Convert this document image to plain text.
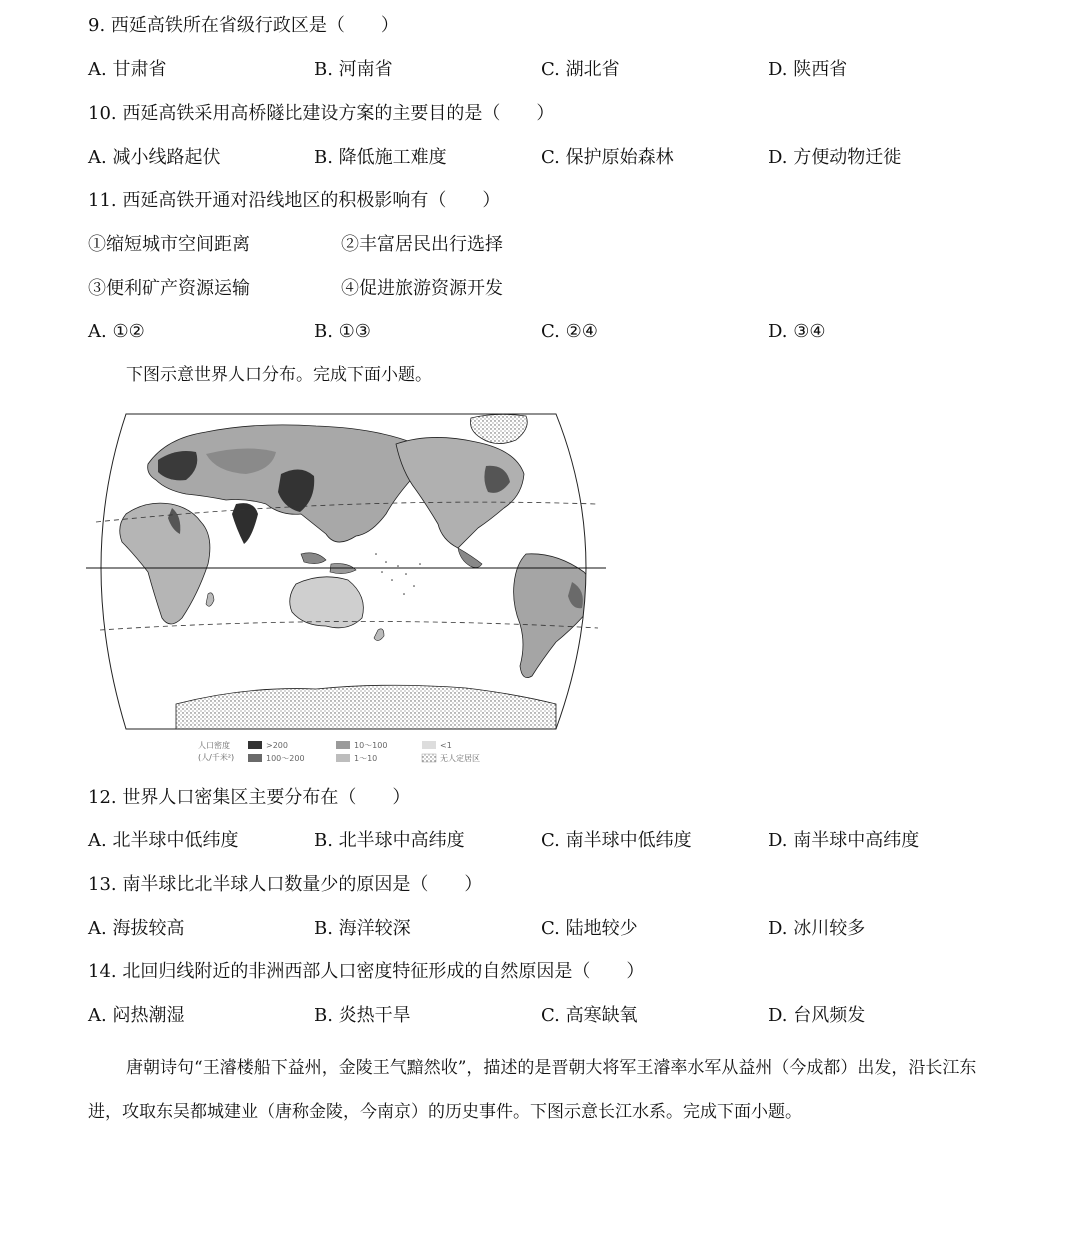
9. 西延高铁所在省级行政区是（　　）
A. 甘肃省	B. 河南省	C. 湖北省	D. 陕西省
10. 西延高铁采用高桥隧比建设方案的主要目的是（　　）
A. 减小线路起伏	B. 降低施工难度	C. 保护原始森林	D. 方便动物迁徙
11. 西延高铁开通对沿线地区的积极影响有（　　）
①缩短城市空间距离	②丰富居民出行选择
③便利矿产资源运输	④促进旅游资源开发
A. ①②	B. ①③	C. ②④	D. ③④
下图示意世界人口分布。完成下面小题。
人口密度
(人/千米²)
>200
100～200
10～100
1～10
<1
无人定居区
12. 世界人口密集区主要分布在（　　）
A. 北半球中低纬度	B. 北半球中高纬度	C. 南半球中低纬度	D. 南半球中高纬度
13. 南半球比北半球人口数量少的原因是（　　）
A. 海拔较高	B. 海洋较深	C. 陆地较少	D. 冰川较多
14. 北回归线附近的非洲西部人口密度特征形成的自然原因是（　　）
A. 闷热潮湿	B. 炎热干旱	C. 高寒缺氧	D. 台风频发
唐朝诗句“王濬楼船下益州，金陵王气黯然收”，描述的是晋朝大将军王濬率水军从益州（今成都）出发，沿长江东进，攻取东吴都城建业（唐称金陵，今南京）的历史事件。下图示意长江水系。完成下面小题。
